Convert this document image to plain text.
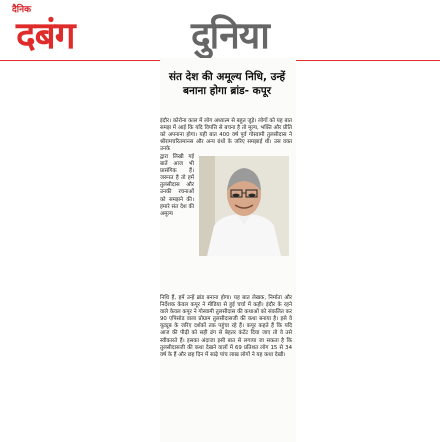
दैनिक
दबंग	दुनिया
संत देश की अमूल्य निधि, उन्हें बनाना होगा ब्रांड- कपूर
इंदौर। कोरोना काल में लोग अध्यात्म से बहुत जुड़े। लोगों को यह बात समझ में आई कि यदि विपत्ति से बचना है तो मूल्य, भक्ति और प्रीति को अपनाना होगा। यही बात 400 वर्ष पूर्व गोस्वामी तुलसीदास ने श्रीरामचरितमानस और अन्य ग्रंथों के जरिए समझाई थी। उस वक्त उनके
द्वारा लिखी गई बातें आज भी प्रासंगिक हैं। जरूरत है तो हमें तुलसीदास और उनकी रचनाओं को समझने की। हमारे संत देश की अमूल्य
निधि हैं, हमें उन्हें ब्रांड बनाना होगा। यह बात लेखक, निर्माता और निर्देशक केवल कपूर ने मीडिया से हुई चर्चा में कही। इंदौर के रहने वाले केवल कपूर ने गोस्वामी तुलसीदास की कथाओं को संकलित कर 90 एपिसोड वाला प्रोग्राम तुलसीदासजी की कथा बनाया है। इसे वे यूट्यूब के जरिए दर्शकों तक पहुंचा रहे हैं। कपूर कहते हैं कि यदि आज की पीढ़ी को सही ढंग से बेहतर कंटेंट दिया जाए तो वे उसे स्वीकारते हैं। इसका अंदाजा इसी बात से लगाया जा सकता है कि तुलसीदासजी की कथा देखने वालों में 69 प्रतिशत लोग 15 से 34 वर्ष के हैं और छह दिन में साढ़े पांच लाख लोगों ने यह कथा देखी।
